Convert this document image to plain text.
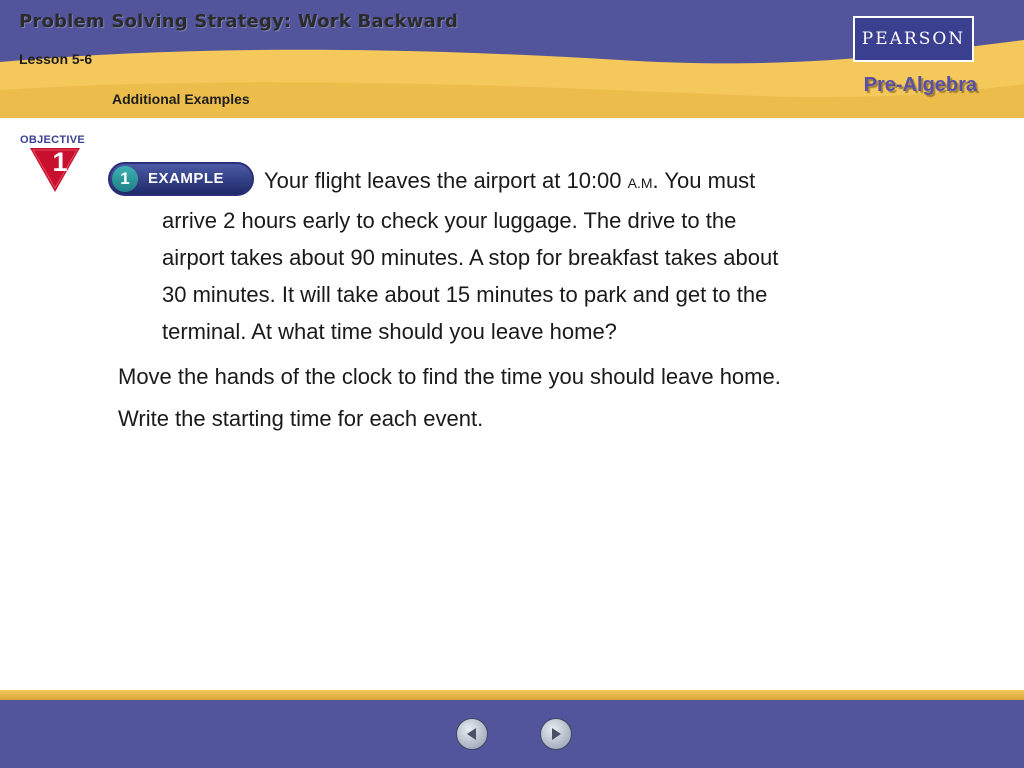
Problem Solving Strategy: Work Backward
Lesson 5-6
Additional Examples
PEARSON
Pre-Algebra
OBJECTIVE
1
1	EXAMPLE	Your flight leaves the airport at 10:00 A.M. You must
arrive 2 hours early to check your luggage. The drive to the
airport takes about 90 minutes. A stop for breakfast takes about
30 minutes. It will take about 15 minutes to park and get to the
terminal. At what time should you leave home?
Move the hands of the clock to find the time you should leave home.
Write the starting time for each event.
